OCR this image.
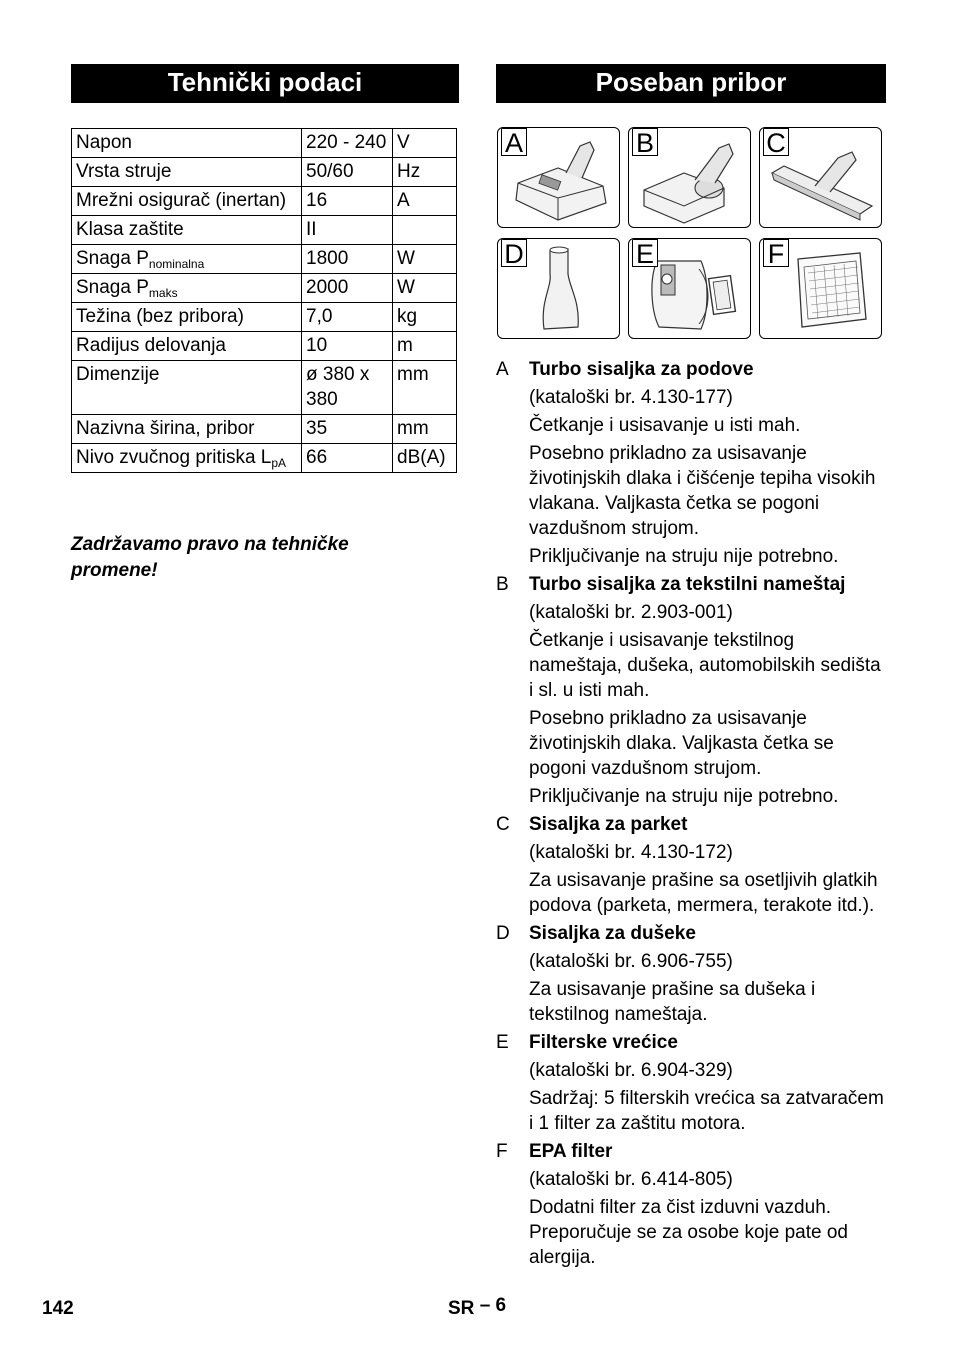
Tehnički podaci
Napon	220 - 240	V
Vrsta struje	50/60	Hz
Mrežni osigurač (inertan)	16	A
Klasa zaštite	II	
Snaga $P_{nominalna}$	1800	W
Snaga $P_{maks}$	2000	W
Težina (bez pribora)	7,0	kg
Radijus delovanja	10	m
Dimenzije	ø 380 x 380	mm
Nazivna širina, pribor	35	mm
Nivo zvučnog pritiska $L_{pA}$	66	dB(A)
Zadržavamo pravo na tehničke promene!
Poseban pribor
A	B	C
D	E	F
A Turbo sisaljka za podove

(kataloški br. 4.130-177)

Četkanje i usisavanje u isti mah.

Posebno prikladno za usisavanje životinjskih dlaka i čišćenje tepiha visokih vlakana. Valjkasta četka se pogoni vazdušnom strujom.

Priključivanje na struju nije potrebno.

B Turbo sisaljka za tekstilni nameštaj

(kataloški br. 2.903-001)

Četkanje i usisavanje tekstilnog nameštaja, dušeka, automobilskih sedišta i sl. u isti mah.

Posebno prikladno za usisavanje životinjskih dlaka. Valjkasta četka se pogoni vazdušnom strujom.

Priključivanje na struju nije potrebno.

C Sisaljka za parket

(kataloški br. 4.130-172)

Za usisavanje prašine sa osetljivih glatkih podova (parketa, mermera, terakote itd.).

D Sisaljka za dušeke

(kataloški br. 6.906-755)

Za usisavanje prašine sa dušeka i tekstilnog nameštaja.

E Filterske vrećice

(kataloški br. 6.904-329)

Sadržaj: 5 filterskih vrećica sa zatvaračem i 1 filter za zaštitu motora.

F EPA filter

(kataloški br. 6.414-805)

Dodatni filter za čist izduvni vazduh. Preporučuje se za osobe koje pate od alergija.

142	SR – 6
